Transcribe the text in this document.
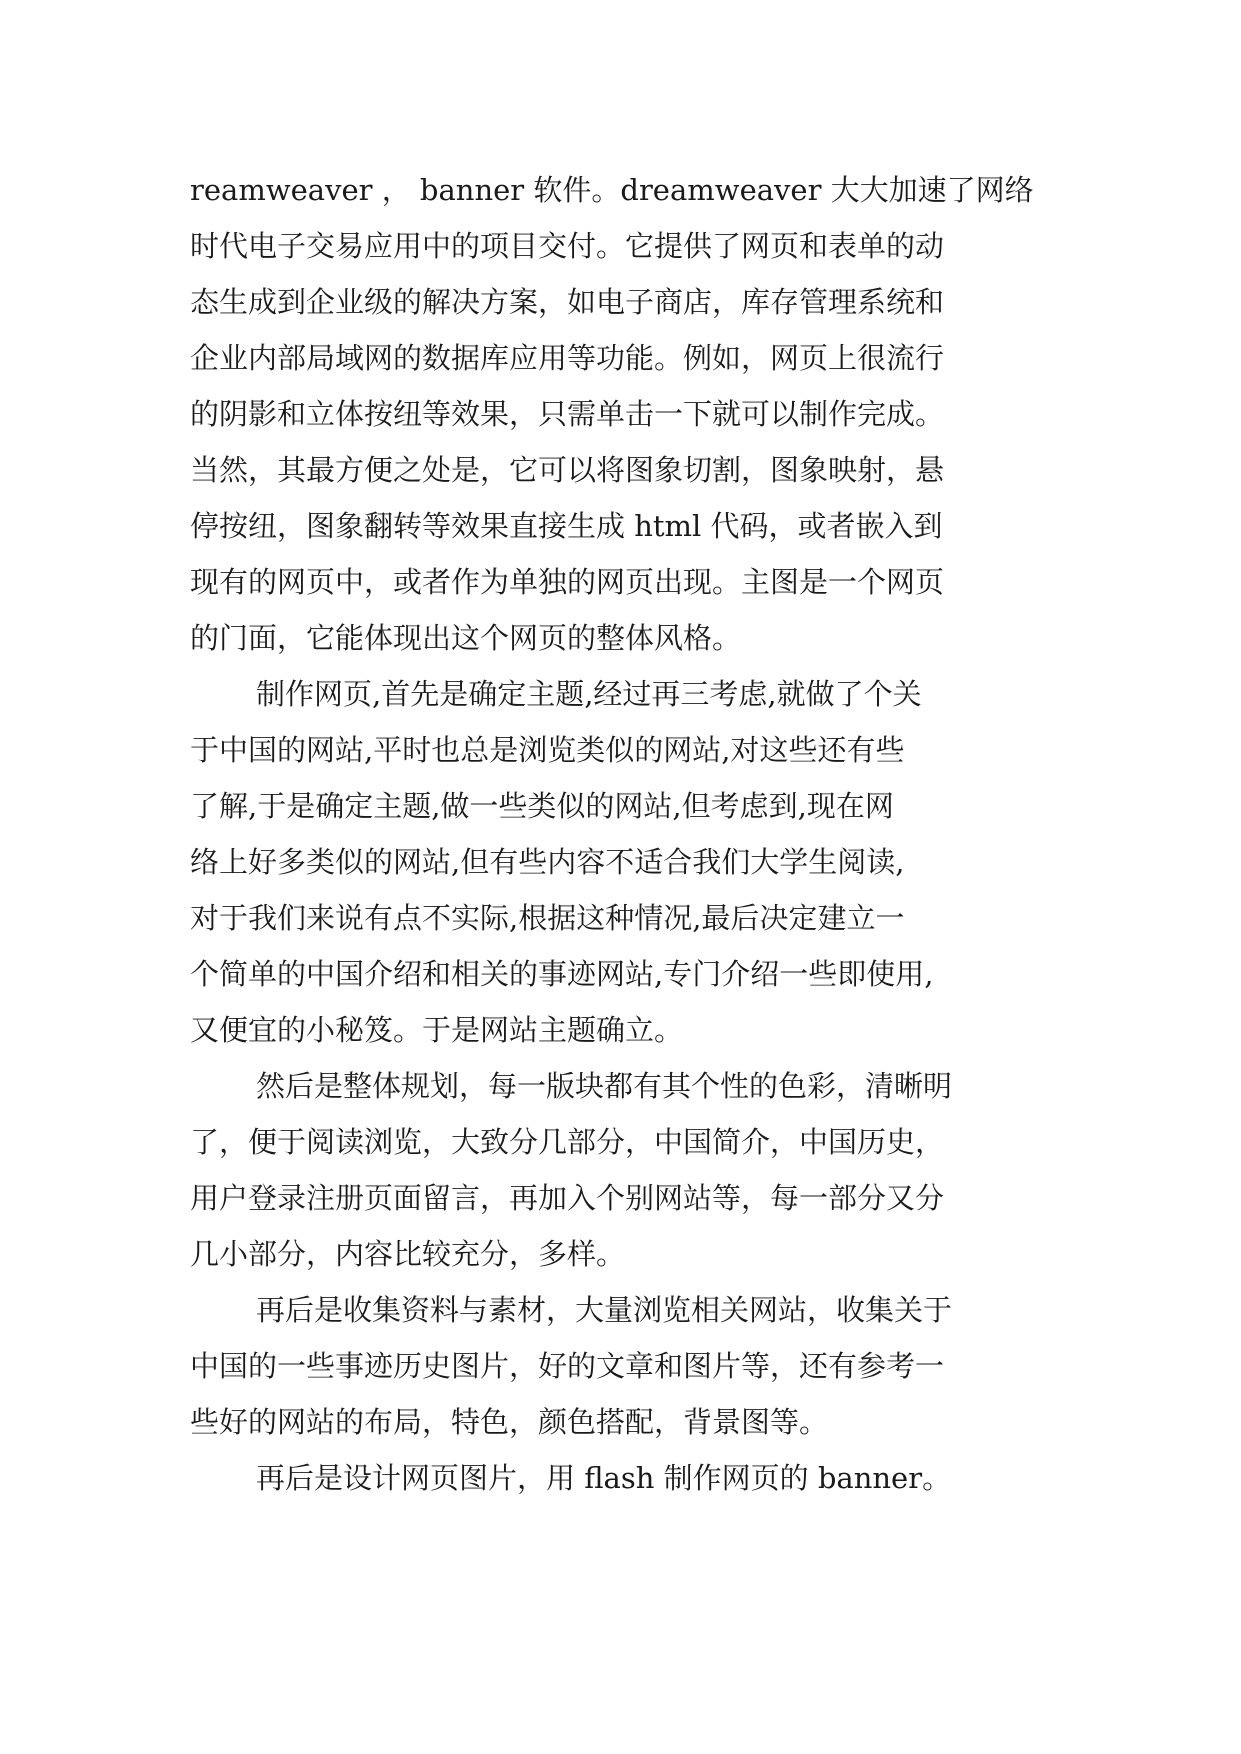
reamweaver ， banner 软件。dreamweaver 大大加速了网络
时代电子交易应用中的项目交付。它提供了网页和表单的动
态生成到企业级的解决方案，如电子商店，库存管理系统和
企业内部局域网的数据库应用等功能。例如，网页上很流行
的阴影和立体按纽等效果，只需单击一下就可以制作完成。
当然，其最方便之处是，它可以将图象切割，图象映射，悬
停按纽，图象翻转等效果直接生成 html 代码，或者嵌入到
现有的网页中，或者作为单独的网页出现。主图是一个网页
的门面，它能体现出这个网页的整体风格。
制作网页,首先是确定主题,经过再三考虑,就做了个关
于中国的网站,平时也总是浏览类似的网站,对这些还有些
了解,于是确定主题,做一些类似的网站,但考虑到,现在网
络上好多类似的网站,但有些内容不适合我们大学生阅读,
对于我们来说有点不实际,根据这种情况,最后决定建立一
个简单的中国介绍和相关的事迹网站,专门介绍一些即使用,
又便宜的小秘笈。于是网站主题确立。
然后是整体规划，每一版块都有其个性的色彩，清晰明
了，便于阅读浏览，大致分几部分，中国简介，中国历史，
用户登录注册页面留言，再加入个别网站等，每一部分又分
几小部分，内容比较充分，多样。
再后是收集资料与素材，大量浏览相关网站，收集关于
中国的一些事迹历史图片，好的文章和图片等，还有参考一
些好的网站的布局，特色，颜色搭配，背景图等。
再后是设计网页图片，用 flash 制作网页的 banner。
